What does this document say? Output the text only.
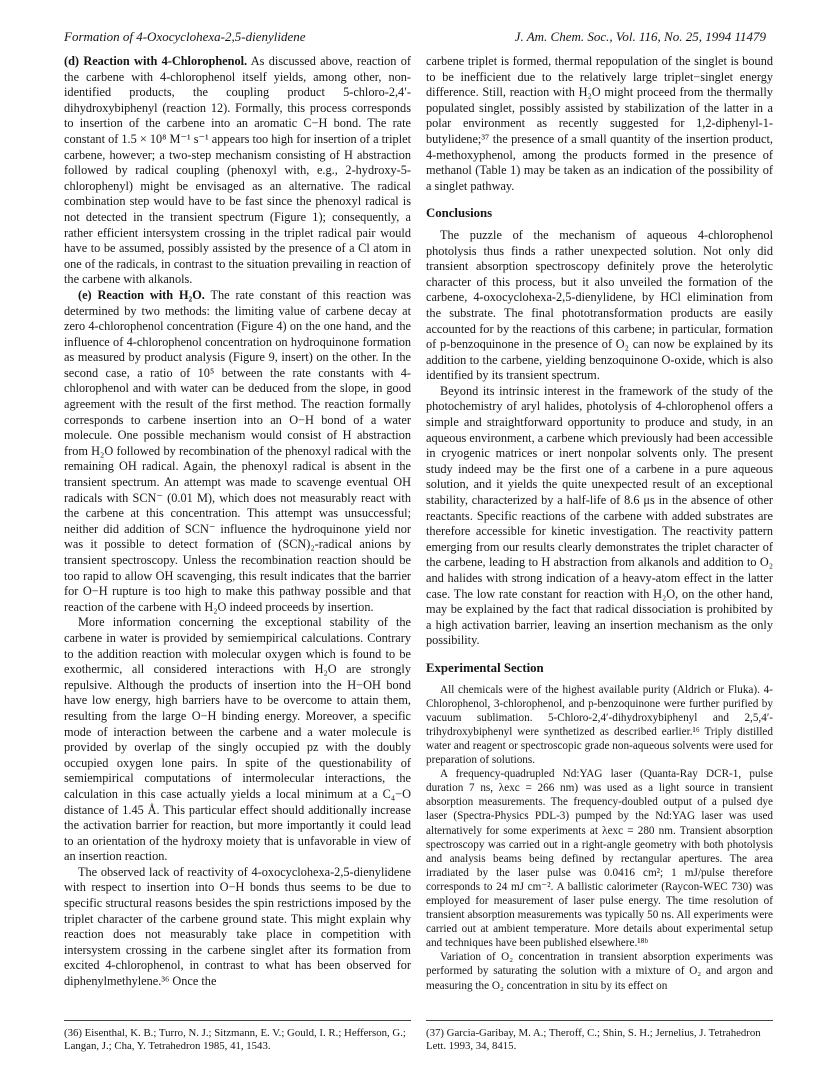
Formation of 4-Oxocyclohexa-2,5-dienylidene	J. Am. Chem. Soc., Vol. 116, No. 25, 1994 11479

(d) Reaction with 4-Chlorophenol. As discussed above, reaction of the carbene with 4-chlorophenol itself yields, among other, non-identified products, the coupling product 5-chloro-2,4′-dihydroxybiphenyl (reaction 12). Formally, this process corresponds to insertion of the carbene into an aromatic C−H bond. The rate constant of 1.5 × 10⁸ M⁻¹ s⁻¹ appears too high for insertion of a triplet carbene, however; a two-step mechanism consisting of H abstraction followed by radical coupling (phenoxyl with, e.g., 2-hydroxy-5-chlorophenyl) might be envisaged as an alternative. The radical combination step would have to be fast since the phenoxyl radical is not detected in the transient spectrum (Figure 1); consequently, a rather efficient intersystem crossing in the triplet radical pair would have to be assumed, possibly assisted by the presence of a Cl atom in one of the radicals, in contrast to the situation prevailing in reaction of the carbene with alkanols.

(e) Reaction with H₂O. The rate constant of this reaction was determined by two methods: the limiting value of carbene decay at zero 4-chlorophenol concentration (Figure 4) on the one hand, and the influence of 4-chlorophenol concentration on hydroquinone formation as measured by product analysis (Figure 9, insert) on the other. In the second case, a ratio of 10⁵ between the rate constants with 4-chlorophenol and with water can be deduced from the slope, in good agreement with the result of the first method. The reaction formally corresponds to carbene insertion into an O−H bond of a water molecule. One possible mechanism would consist of H abstraction from H₂O followed by recombination of the phenoxyl radical with the remaining OH radical. Again, the phenoxyl radical is absent in the transient spectrum. An attempt was made to scavenge eventual OH radicals with SCN⁻ (0.01 M), which does not measurably react with the carbene at this concentration. This attempt was unsuccessful; neither did addition of SCN⁻ influence the hydroquinone yield nor was it possible to detect formation of (SCN)₂-radical anions by transient spectroscopy. Unless the recombination reaction should be too rapid to allow OH scavenging, this result indicates that the barrier for O−H rupture is too high to make this pathway possible and that reaction of the carbene with H₂O indeed proceeds by insertion.

More information concerning the exceptional stability of the carbene in water is provided by semiempirical calculations. Contrary to the addition reaction with molecular oxygen which is found to be exothermic, all considered interactions with H₂O are strongly repulsive. Although the products of insertion into the H−OH bond have low energy, high barriers have to be overcome to attain them, resulting from the large O−H binding energy. Moreover, a specific mode of interaction between the carbene and a water molecule is provided by overlap of the singly occupied pz with the doubly occupied oxygen lone pairs. In spite of the questionability of semiempirical computations of intermolecular interactions, the calculation in this case actually yields a local minimum at a C₄−O distance of 1.45 Å. This particular effect should additionally increase the activation barrier for reaction, but more importantly it could lead to an orientation of the hydroxy moiety that is unfavorable in view of an insertion reaction.

The observed lack of reactivity of 4-oxocyclohexa-2,5-dienylidene with respect to insertion into O−H bonds thus seems to be due to specific structural reasons besides the spin restrictions imposed by the triplet character of the carbene ground state. This might explain why reaction does not measurably take place in competition with intersystem crossing in the carbene singlet after its formation from excited 4-chlorophenol, in contrast to what has been observed for diphenylmethylene.³⁶ Once the

carbene triplet is formed, thermal repopulation of the singlet is bound to be inefficient due to the relatively large triplet−singlet energy difference. Still, reaction with H₂O might proceed from the thermally populated singlet, possibly assisted by stabilization of the latter in a polar environment as recently suggested for 1,2-diphenyl-1-butylidene;³⁷ the presence of a small quantity of the insertion product, 4-methoxyphenol, among the products formed in the presence of methanol (Table 1) may be taken as an indication of the possibility of a singlet pathway.

Conclusions

The puzzle of the mechanism of aqueous 4-chlorophenol photolysis thus finds a rather unexpected solution. Not only did transient absorption spectroscopy definitely prove the heterolytic character of this process, but it also unveiled the formation of the carbene, 4-oxocyclohexa-2,5-dienylidene, by HCl elimination from the substrate. The final phototransformation products are easily accounted for by the reactions of this carbene; in particular, formation of p-benzoquinone in the presence of O₂ can now be explained by its addition to the carbene, yielding benzoquinone O-oxide, which is also identified by its transient spectrum.

Beyond its intrinsic interest in the framework of the study of the photochemistry of aryl halides, photolysis of 4-chlorophenol offers a simple and straightforward opportunity to produce and study, in an aqueous environment, a carbene which previously had been accessible in cryogenic matrices or inert nonpolar solvents only. The present study indeed may be the first one of a carbene in a pure aqueous solution, and it yields the quite unexpected result of an exceptional stability, characterized by a half-life of 8.6 μs in the absence of other reactants. Specific reactions of the carbene with added substrates are therefore accessible for kinetic investigation. The reactivity pattern emerging from our results clearly demonstrates the triplet character of the carbene, leading to H abstraction from alkanols and addition to O₂ and halides with strong indication of a heavy-atom effect in the latter case. The low rate constant for reaction with H₂O, on the other hand, may be explained by the fact that radical dissociation is prohibited by a high activation barrier, leaving an insertion mechanism as the only possibility.

Experimental Section

All chemicals were of the highest available purity (Aldrich or Fluka). 4-Chlorophenol, 3-chlorophenol, and p-benzoquinone were further purified by vacuum sublimation. 5-Chloro-2,4′-dihydroxybiphenyl and 2,5,4′-trihydroxybiphenyl were synthetized as described earlier.¹⁶ Triply distilled water and reagent or spectroscopic grade non-aqueous solvents were used for preparation of solutions.

A frequency-quadrupled Nd:YAG laser (Quanta-Ray DCR-1, pulse duration 7 ns, λexc = 266 nm) was used as a light source in transient absorption measurements. The frequency-doubled output of a pulsed dye laser (Spectra-Physics PDL-3) pumped by the Nd:YAG laser was used alternatively for some experiments at λexc = 280 nm. Transient absorption spectroscopy was carried out in a right-angle geometry with both photolysis and analysis beams being defined by rectangular apertures. The area irradiated by the laser pulse was 0.0416 cm²; 1 mJ/pulse therefore corresponds to 24 mJ cm⁻². A ballistic calorimeter (Raycon-WEC 730) was employed for measurement of laser pulse energy. The time resolution of transient absorption measurements was typically 50 ns. All experiments were carried out at ambient temperature. More details about experimental setup and techniques have been published elsewhere.¹⁸ᵇ

Variation of O₂ concentration in transient absorption experiments was performed by saturating the solution with a mixture of O₂ and argon and measuring the O₂ concentration in situ by its effect on

(36) Eisenthal, K. B.; Turro, N. J.; Sitzmann, E. V.; Gould, I. R.; Hefferson, G.; Langan, J.; Cha, Y. Tetrahedron 1985, 41, 1543.
(37) Garcia-Garibay, M. A.; Theroff, C.; Shin, S. H.; Jernelius, J. Tetrahedron Lett. 1993, 34, 8415.
